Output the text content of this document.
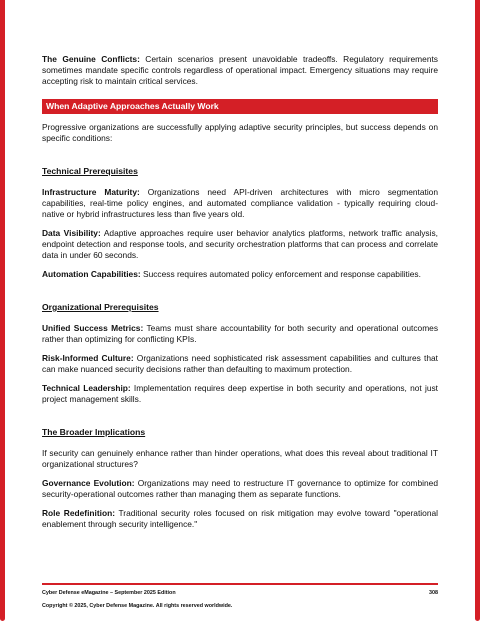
The Genuine Conflicts: Certain scenarios present unavoidable tradeoffs. Regulatory requirements sometimes mandate specific controls regardless of operational impact. Emergency situations may require accepting risk to maintain critical services.

When Adaptive Approaches Actually Work

Progressive organizations are successfully applying adaptive security principles, but success depends on specific conditions:

Technical Prerequisites

Infrastructure Maturity: Organizations need API-driven architectures with micro segmentation capabilities, real-time policy engines, and automated compliance validation - typically requiring cloud-native or hybrid infrastructures less than five years old.

Data Visibility: Adaptive approaches require user behavior analytics platforms, network traffic analysis, endpoint detection and response tools, and security orchestration platforms that can process and correlate data in under 60 seconds.

Automation Capabilities: Success requires automated policy enforcement and response capabilities.

Organizational Prerequisites

Unified Success Metrics: Teams must share accountability for both security and operational outcomes rather than optimizing for conflicting KPIs.

Risk-Informed Culture: Organizations need sophisticated risk assessment capabilities and cultures that can make nuanced security decisions rather than defaulting to maximum protection.

Technical Leadership: Implementation requires deep expertise in both security and operations, not just project management skills.

The Broader Implications

If security can genuinely enhance rather than hinder operations, what does this reveal about traditional IT organizational structures?

Governance Evolution: Organizations may need to restructure IT governance to optimize for combined security-operational outcomes rather than managing them as separate functions.

Role Redefinition: Traditional security roles focused on risk mitigation may evolve toward "operational enablement through security intelligence."

Cyber Defense eMagazine – September 2025 Edition	308
Copyright © 2025, Cyber Defense Magazine. All rights reserved worldwide.
